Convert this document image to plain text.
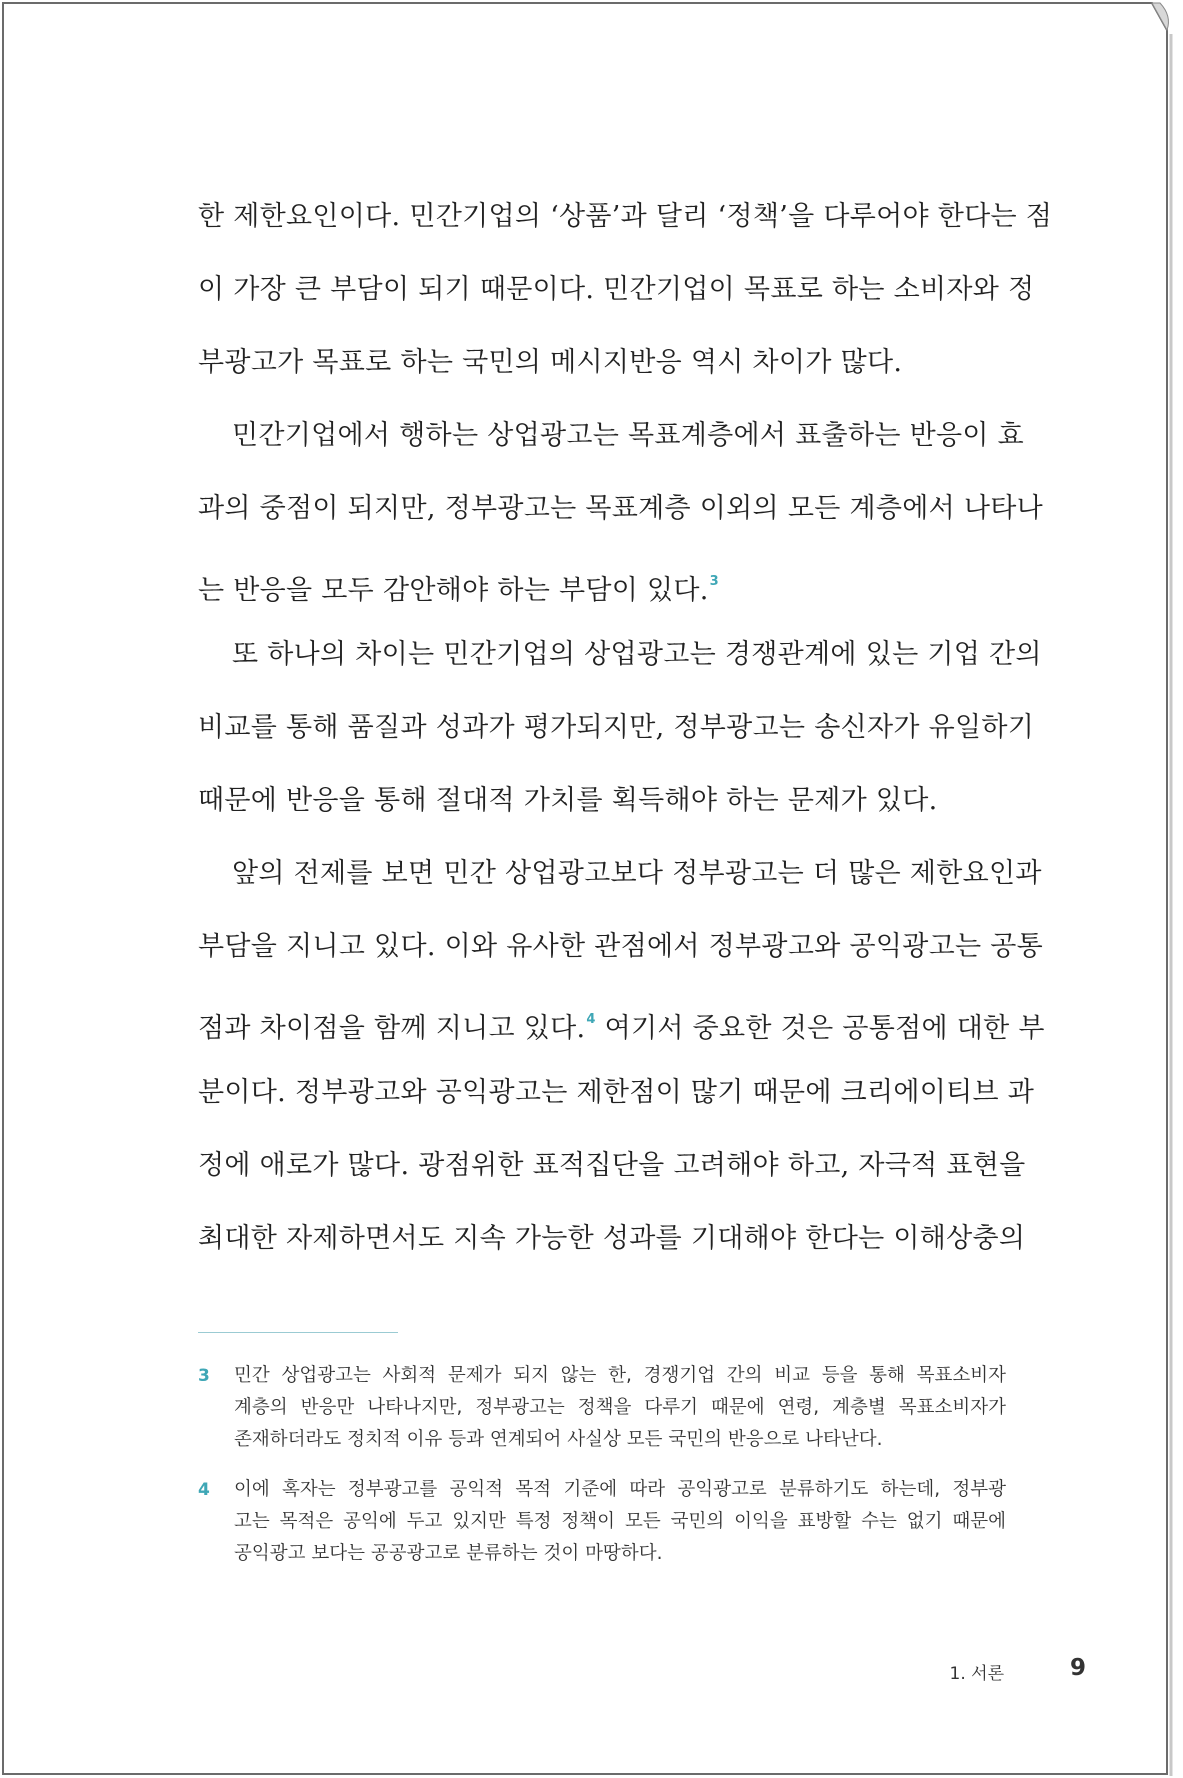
한 제한요인이다. 민간기업의 ‘상품’과 달리 ‘정책’을 다루어야 한다는 점
이 가장 큰 부담이 되기 때문이다. 민간기업이 목표로 하는 소비자와 정
부광고가 목표로 하는 국민의 메시지반응 역시 차이가 많다.
민간기업에서 행하는 상업광고는 목표계층에서 표출하는 반응이 효
과의 중점이 되지만, 정부광고는 목표계층 이외의 모든 계층에서 나타나
는 반응을 모두 감안해야 하는 부담이 있다.$^3$
또 하나의 차이는 민간기업의 상업광고는 경쟁관계에 있는 기업 간의
비교를 통해 품질과 성과가 평가되지만, 정부광고는 송신자가 유일하기
때문에 반응을 통해 절대적 가치를 획득해야 하는 문제가 있다.
앞의 전제를 보면 민간 상업광고보다 정부광고는 더 많은 제한요인과
부담을 지니고 있다. 이와 유사한 관점에서 정부광고와 공익광고는 공통
점과 차이점을 함께 지니고 있다.$^4$ 여기서 중요한 것은 공통점에 대한 부
분이다. 정부광고와 공익광고는 제한점이 많기 때문에 크리에이티브 과
정에 애로가 많다. 광점위한 표적집단을 고려해야 하고, 자극적 표현을
최대한 자제하면서도 지속 가능한 성과를 기대해야 한다는 이해상충의
3 민간 상업광고는 사회적 문제가 되지 않는 한, 경쟁기업 간의 비교 등을 통해 목표소비자
계층의 반응만 나타나지만, 정부광고는 정책을 다루기 때문에 연령, 계층별 목표소비자가
존재하더라도 정치적 이유 등과 연계되어 사실상 모든 국민의 반응으로 나타난다.
4 이에 혹자는 정부광고를 공익적 목적 기준에 따라 공익광고로 분류하기도 하는데, 정부광
고는 목적은 공익에 두고 있지만 특정 정책이 모든 국민의 이익을 표방할 수는 없기 때문에
공익광고 보다는 공공광고로 분류하는 것이 마땅하다.
1. 서론	9
